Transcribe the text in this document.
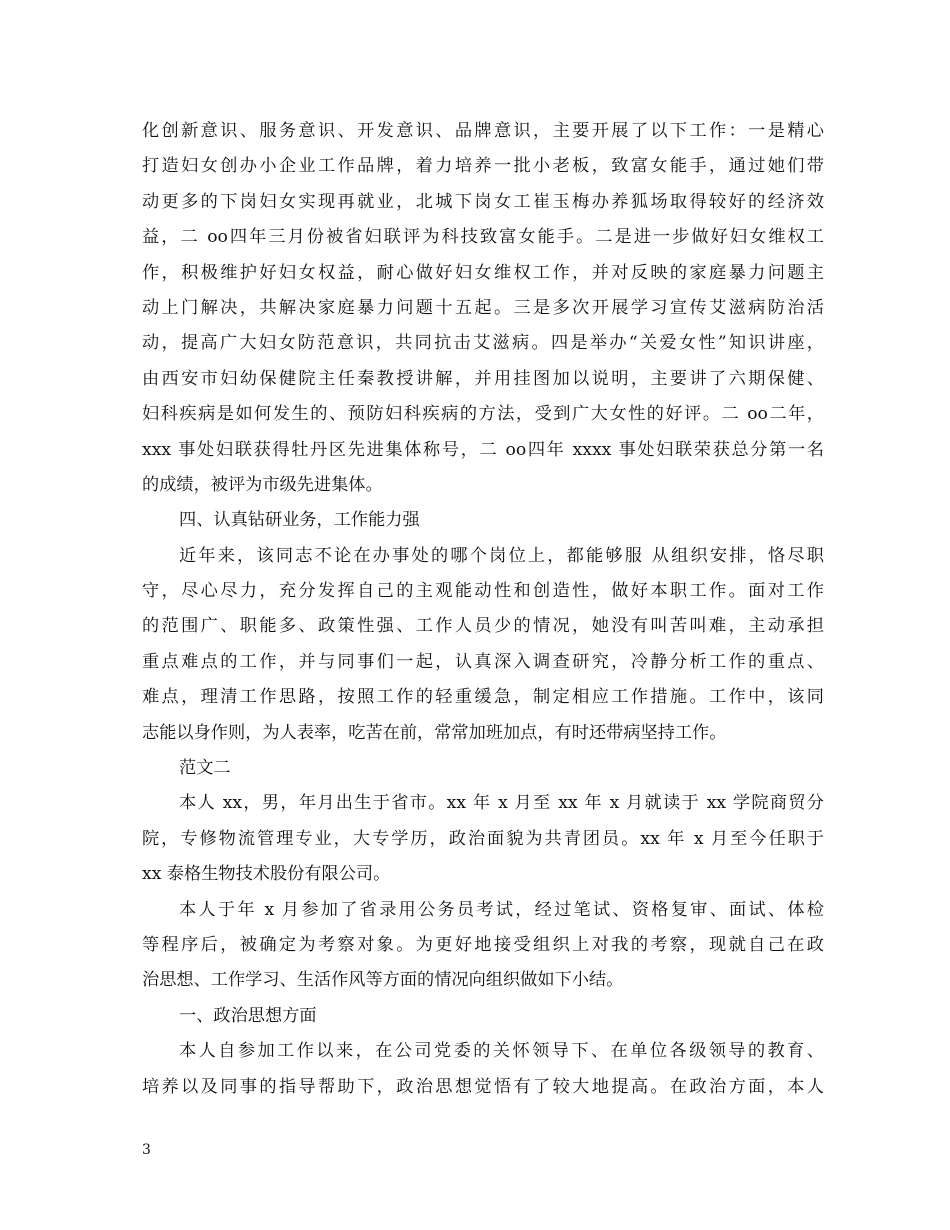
化创新意识、服务意识、开发意识、品牌意识，主要开展了以下工作：一是精心
打造妇女创办小企业工作品牌，着力培养一批小老板，致富女能手，通过她们带
动更多的下岗妇女实现再就业，北城下岗女工崔玉梅办养狐场取得较好的经济效
益，二 oo四年三月份被省妇联评为科技致富女能手。二是进一步做好妇女维权工
作，积极维护好妇女权益，耐心做好妇女维权工作，并对反映的家庭暴力问题主
动上门解决，共解决家庭暴力问题十五起。三是多次开展学习宣传艾滋病防治活
动，提高广大妇女防范意识，共同抗击艾滋病。四是举办“关爱女性”知识讲座，
由西安市妇幼保健院主任秦教授讲解，并用挂图加以说明，主要讲了六期保健、
妇科疾病是如何发生的、预防妇科疾病的方法，受到广大女性的好评。二 oo二年，
xxx 事处妇联获得牡丹区先进集体称号，二 oo四年 xxxx 事处妇联荣获总分第一名
的成绩，被评为市级先进集体。
四、认真钻研业务，工作能力强
近年来，该同志不论在办事处的哪个岗位上，都能够服 从组织安排，恪尽职
守，尽心尽力，充分发挥自己的主观能动性和创造性，做好本职工作。面对工作
的范围广、职能多、政策性强、工作人员少的情况，她没有叫苦叫难，主动承担
重点难点的工作，并与同事们一起，认真深入调查研究，冷静分析工作的重点、
难点，理清工作思路，按照工作的轻重缓急，制定相应工作措施。工作中，该同
志能以身作则，为人表率，吃苦在前，常常加班加点，有时还带病坚持工作。
范文二
本人 xx，男，年月出生于省市。xx 年 x 月至 xx 年 x 月就读于 xx 学院商贸分
院，专修物流管理专业，大专学历，政治面貌为共青团员。xx 年 x 月至今任职于
xx 泰格生物技术股份有限公司。
本人于年 x 月参加了省录用公务员考试，经过笔试、资格复审、面试、体检
等程序后，被确定为考察对象。为更好地接受组织上对我的考察，现就自己在政
治思想、工作学习、生活作风等方面的情况向组织做如下小结。
一、政治思想方面
本人自参加工作以来，在公司党委的关怀领导下、在单位各级领导的教育、
培养以及同事的指导帮助下，政治思想觉悟有了较大地提高。在政治方面，本人
3
